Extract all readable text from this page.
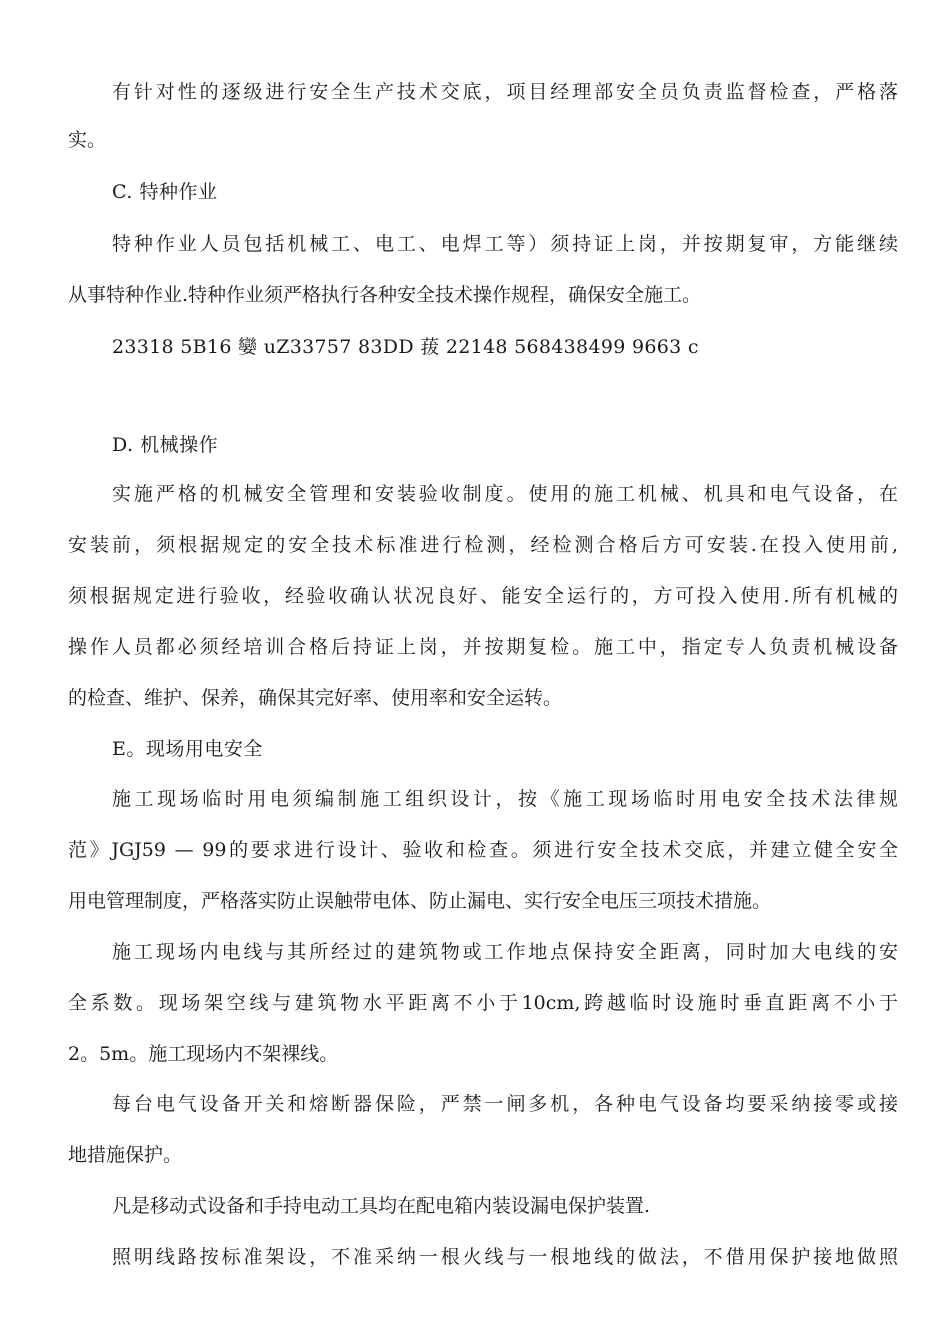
有针对性的逐级进行安全生产技术交底，项目经理部安全员负责监督检查，严格落
实。
C. 特种作业
特种作业人员包括机械工、电工、电焊工等）须持证上岗，并按期复审，方能继续
从事特种作业.特种作业须严格执行各种安全技术操作规程，确保安全施工。
23318 5B16 孌 uZ33757 83DD 菝 22148 568438499 9663 c
D. 机械操作
实施严格的机械安全管理和安装验收制度。使用的施工机械、机具和电气设备，在
安装前，须根据规定的安全技术标准进行检测，经检测合格后方可安装.在投入使用前,
须根据规定进行验收，经验收确认状况良好、能安全运行的，方可投入使用.所有机械的
操作人员都必须经培训合格后持证上岗，并按期复检。施工中，指定专人负责机械设备
的检查、维护、保养，确保其完好率、使用率和安全运转。
E。现场用电安全
施工现场临时用电须编制施工组织设计，按《施工现场临时用电安全技术法律规
范》JGJ59 — 99的要求进行设计、验收和检查。须进行安全技术交底，并建立健全安全
用电管理制度，严格落实防止误触带电体、防止漏电、实行安全电压三项技术措施。
施工现场内电线与其所经过的建筑物或工作地点保持安全距离，同时加大电线的安
全系数。现场架空线与建筑物水平距离不小于10cm,跨越临时设施时垂直距离不小于
2。5m。施工现场内不架裸线。
每台电气设备开关和熔断器保险，严禁一闸多机，各种电气设备均要采纳接零或接
地措施保护。
凡是移动式设备和手持电动工具均在配电箱内装设漏电保护装置.
照明线路按标准架设，不准采纳一根火线与一根地线的做法，不借用保护接地做照
